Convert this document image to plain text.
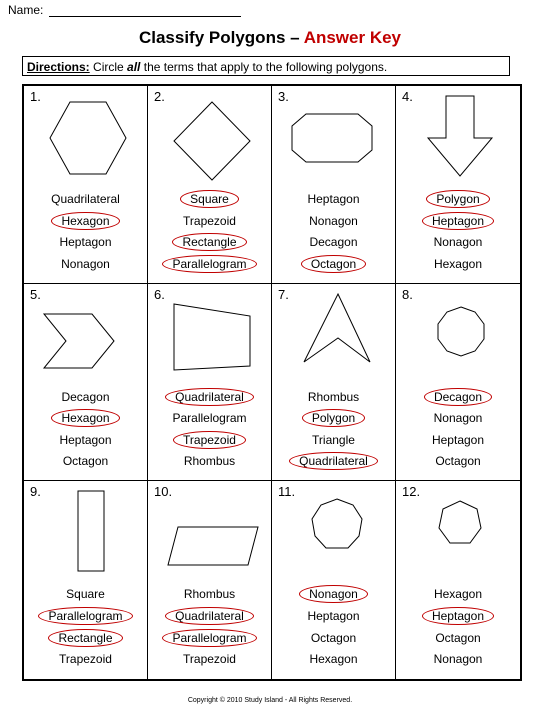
Name:
Classify Polygons – Answer Key
Directions: Circle all the terms that apply to the following polygons.
1.
Quadrilateral
Hexagon
Heptagon
Nonagon
2.
Square
Trapezoid
Rectangle
Parallelogram
3.
Heptagon
Nonagon
Decagon
Octagon
4.
Polygon
Heptagon
Nonagon
Hexagon
5.
Decagon
Hexagon
Heptagon
Octagon
6.
Quadrilateral
Parallelogram
Trapezoid
Rhombus
7.
Rhombus
Polygon
Triangle
Quadrilateral
8.
Decagon
Nonagon
Heptagon
Octagon
9.
Square
Parallelogram
Rectangle
Trapezoid
10.
Rhombus
Quadrilateral
Parallelogram
Trapezoid
11.
Nonagon
Heptagon
Octagon
Hexagon
12.
Hexagon
Heptagon
Octagon
Nonagon
Copyright © 2010 Study Island - All Rights Reserved.
